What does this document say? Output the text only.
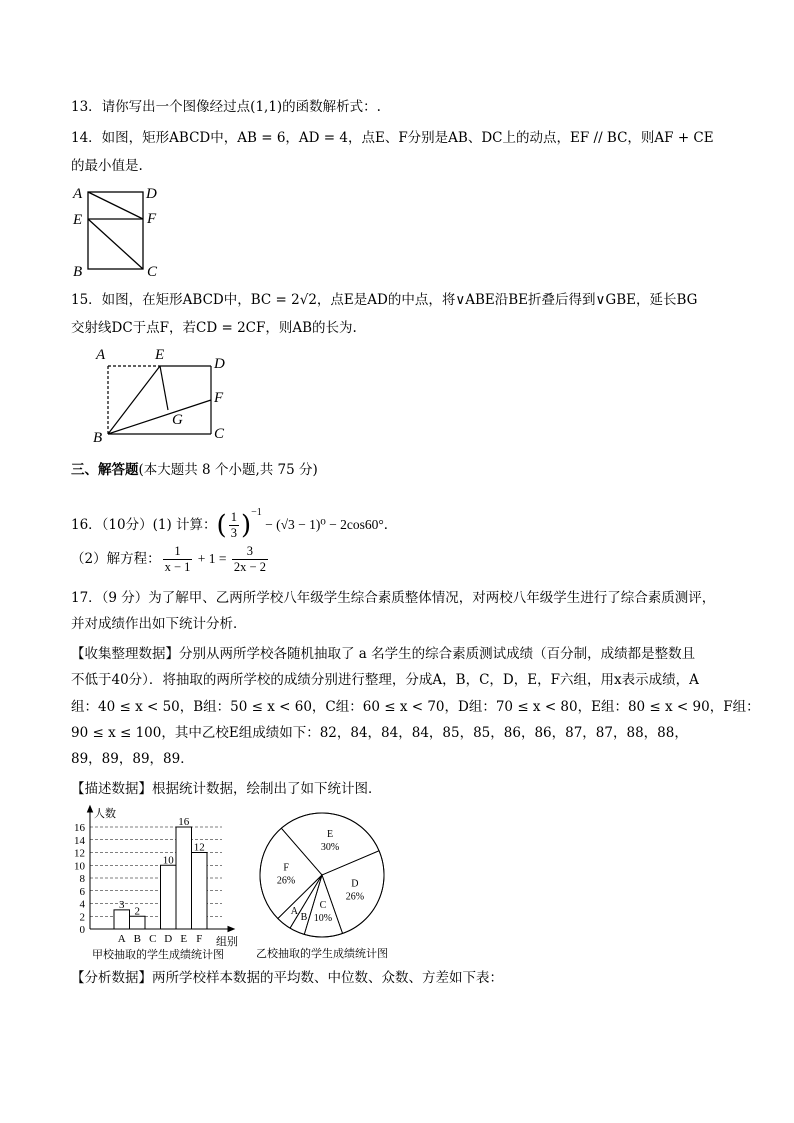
13．请你写出一个图像经过点(1,1)的函数解析式：.
14．如图，矩形ABCD中，AB = 6，AD = 4，点E、F分别是AB、DC上的动点，EF // BC，则AF + CE
的最小值是.
A	D
E	F
B	C
15．如图，在矩形ABCD中，BC = 2√2，点E是AD的中点，将∨ABE沿BE折叠后得到∨GBE，延长BG
交射线DC于点F，若CD = 2CF，则AB的长为.
A	E
D
F
G
B	C
三、解答题(本大题共 8 个小题,共 75 分)
16．（10分）(1) 计算：( $\frac{1}{3} )^{-1} - (√3 - 1)^0 - 2\cos 60^\circ$．
（2）解方程： $\frac{1}{x - 1} + 1 = \frac{3}{2x - 2}$
17．（9 分）为了解甲、乙两所学校八年级学生综合素质整体情况，对两校八年级学生进行了综合素质测评，
并对成绩作出如下统计分析．
【收集整理数据】分别从两所学校各随机抽取了 a 名学生的综合素质测试成绩（百分制，成绩都是整数且
不低于40分）．将抽取的两所学校的成绩分别进行整理，分成A，B，C，D，E，F六组，用x表示成绩，A
组：40 ≤ x < 50，B组：50 ≤ x < 60，C组：60 ≤ x < 70，D组：70 ≤ x < 80，E组：80 ≤ x < 90，F组：
90 ≤ x ≤ 100，其中乙校E组成绩如下：82，84，84，84，85，85，86，86，87，87，88，88，
89，89，89，89．
【描述数据】根据统计数据，绘制出了如下统计图．
0
2
4
6
8
10
12
14
16
A B C D E F
3
2
10
16
12
人数
组别
甲校抽取的学生成绩统计图
E
30%
D
26%
C
10%
B
A
F
26%
乙校抽取的学生成绩统计图
【分析数据】两所学校样本数据的平均数、中位数、众数、方差如下表：
